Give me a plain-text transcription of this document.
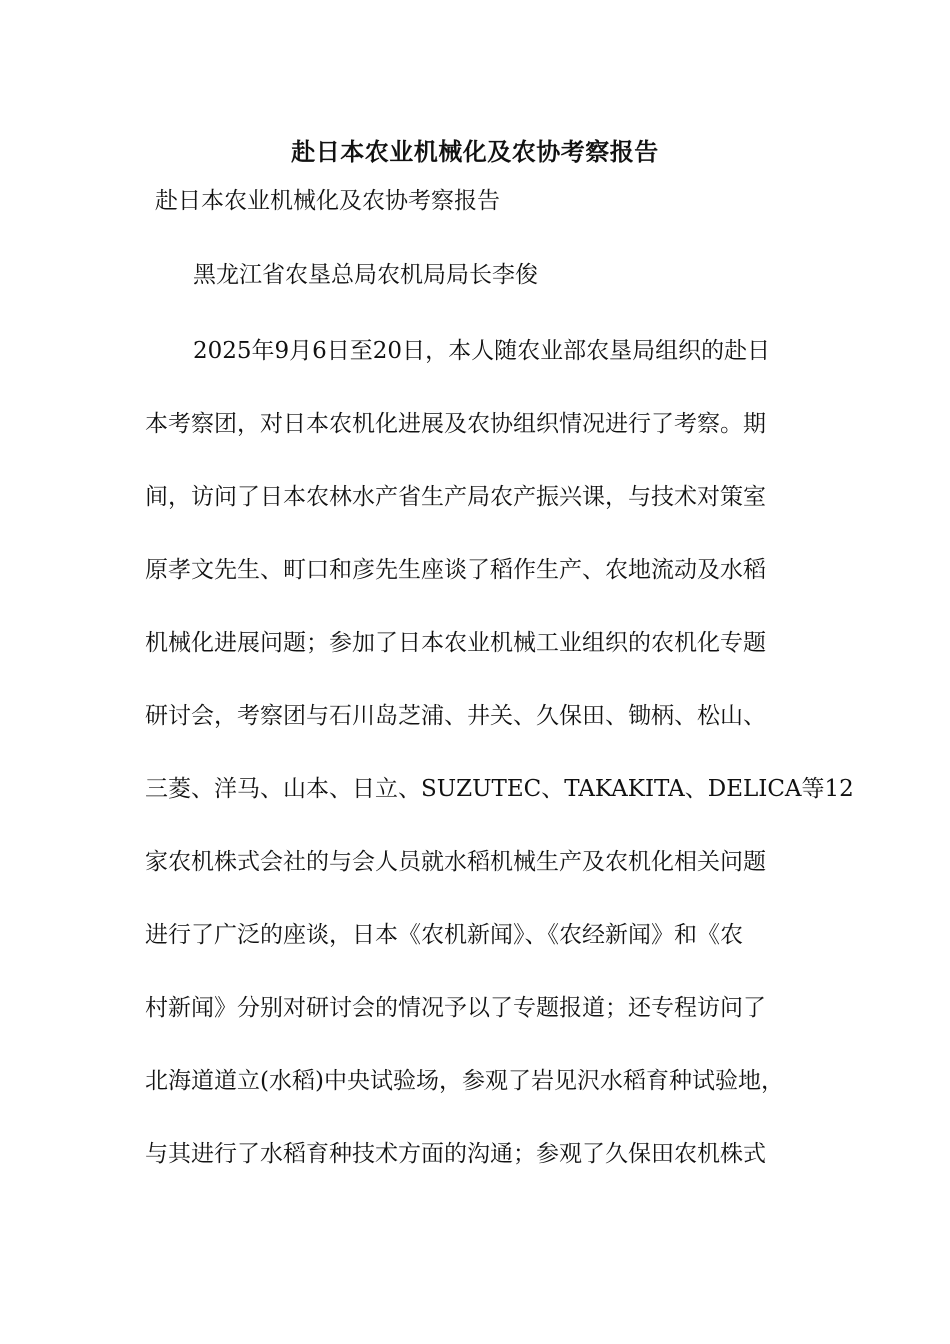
赴日本农业机械化及农协考察报告
赴日本农业机械化及农协考察报告
黑龙江省农垦总局农机局局长李俊
2025年9月6日至20日，本人随农业部农垦局组织的赴日
本考察团，对日本农机化进展及农协组织情况进行了考察。期
间，访问了日本农林水产省生产局农产振兴课，与技术对策室
原孝文先生、町口和彦先生座谈了稻作生产、农地流动及水稻
机械化进展问题；参加了日本农业机械工业组织的农机化专题
研讨会，考察团与石川岛芝浦、井关、久保田、锄柄、松山、
三菱、洋马、山本、日立、SUZUTEC、TAKAKITA、DELICA等12
家农机株式会社的与会人员就水稻机械生产及农机化相关问题
进行了广泛的座谈，日本《农机新闻》、《农经新闻》和《农
村新闻》分别对研讨会的情况予以了专题报道；还专程访问了
北海道道立(水稻)中央试验场，参观了岩见沢水稻育种试验地，
与其进行了水稻育种技术方面的沟通；参观了久保田农机株式
